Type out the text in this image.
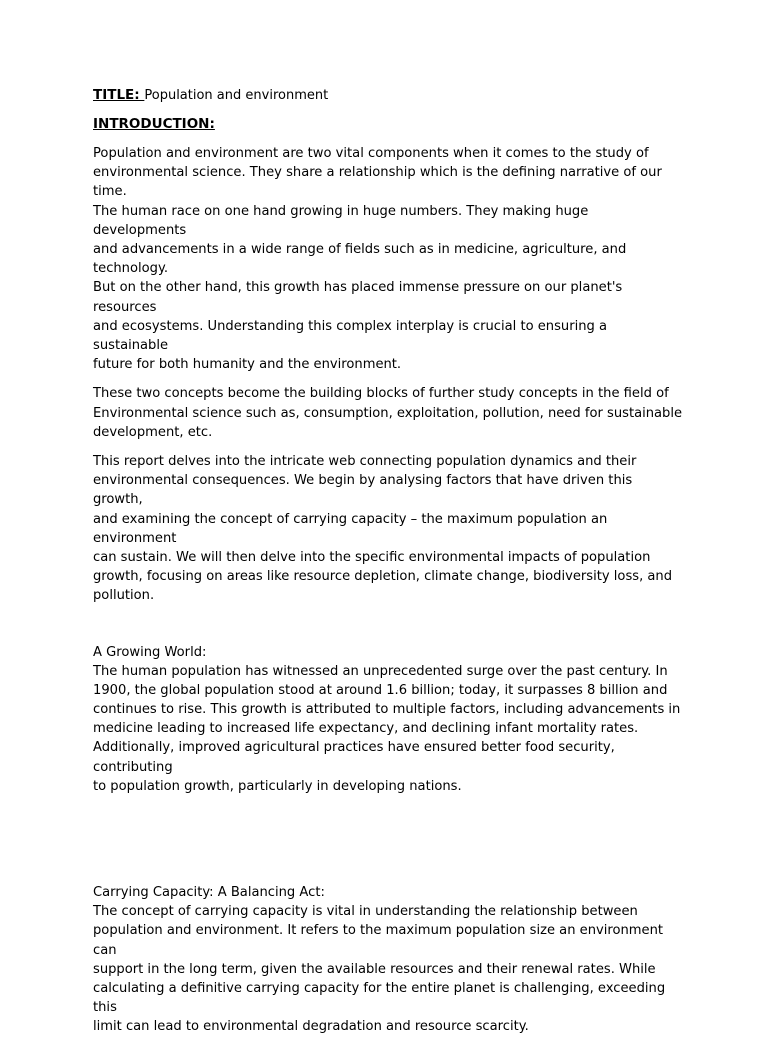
TITLE: Population and environment
INTRODUCTION:

Population and environment are two vital components when it comes to the study of
environmental science. They share a relationship which is the defining narrative of our time.
The human race on one hand growing in huge numbers. They making huge developments
and advancements in a wide range of fields such as in medicine, agriculture, and technology.
But on the other hand, this growth has placed immense pressure on our planet's resources
and ecosystems. Understanding this complex interplay is crucial to ensuring a sustainable
future for both humanity and the environment.

These two concepts become the building blocks of further study concepts in the field of
Environmental science such as, consumption, exploitation, pollution, need for sustainable
development, etc.

This report delves into the intricate web connecting population dynamics and their
environmental consequences. We begin by analysing factors that have driven this growth,
and examining the concept of carrying capacity – the maximum population an environment
can sustain. We will then delve into the specific environmental impacts of population
growth, focusing on areas like resource depletion, climate change, biodiversity loss, and
pollution.

A Growing World:

The human population has witnessed an unprecedented surge over the past century. In
1900, the global population stood at around 1.6 billion; today, it surpasses 8 billion and
continues to rise. This growth is attributed to multiple factors, including advancements in
medicine leading to increased life expectancy, and declining infant mortality rates.
Additionally, improved agricultural practices have ensured better food security, contributing
to population growth, particularly in developing nations.

Carrying Capacity: A Balancing Act:

The concept of carrying capacity is vital in understanding the relationship between
population and environment. It refers to the maximum population size an environment can
support in the long term, given the available resources and their renewal rates. While
calculating a definitive carrying capacity for the entire planet is challenging, exceeding this
limit can lead to environmental degradation and resource scarcity.
